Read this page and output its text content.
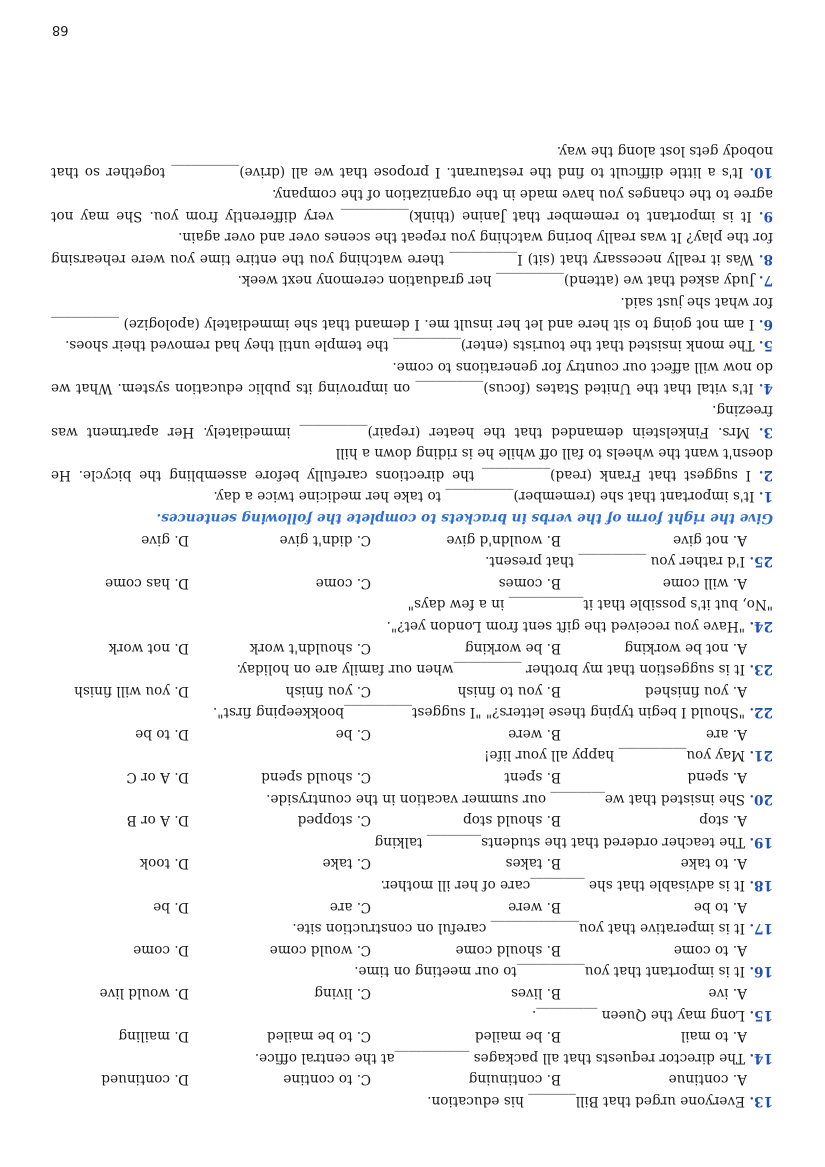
13. Everyone urged that Bill_______ his education.
A. continue
B. continuing
C. to contine
D. continued
14. The director requests that all packages ___________at the central office.
A. to mail
B. be mailed
C. to be mailed
D. mailing
15. Long may the Queen _________.
A. ive
B. lives
C. living
D. would live
16. It is important that you__________to our meeting on time.
A. to come
B. should come
C. would come
D. come
17. It is imperative that you_____________ careful on construction site.
A. to be
B. were
C. are
D. be
18. It is advisable that she ________care of her ill mother.
A. to take
B. takes
C. take
D. took
19. The teacher ordered that the students________ talking
A. stop
B. should stop
C. stopped
D. A or B
20. She insisted that we________ our summer vacation in the countryside.
A. spend
B. spent
C. should spend
D. A or C
21. May you__________ happy all your life!
A. are
B. were
C. be
D. to be
22. "Should I begin typing these letters?" "I suggest__________bookkeeping first".
A. you finished
B. you to finish
C. you finish
D. you will finish
23. It is suggestion that my brother __________when our family are on holiday.
A. not be working
B. be working
C. shouldn't work
D. not work
24. "Have you received the gift sent from London yet?".
"No, but it's possible that it___________ in a few days"
A. will come
B. comes
C. come
D. has come
25. I'd rather you __________ that present.
A. not give
B. wouldn'd give
C. didn't give
D. give
Give the right form of the verbs in brackets to complete the following sentences.
1. It's important that she (remember)__________ to take her medicine twice a day.
2. I suggest that Frank (read)__________ the directions carefully before assembling the bicycle. He doesn't want the wheels to fall off while he is riding down a hill
3. Mrs. Finkelstein demanded that the heater (repair)__________ immediately. Her apartment was freezing.
4. It's vital that the United States (focus)__________ on improving its public education system. What we do now will affect our country for generations to come.
5. The monk insisted that the tourists (enter)__________ the temple until they had removed their shoes.
6. I am not going to sit here and let her insult me. I demand that she immediately (apologize) __________ for what she just said.
7. Judy asked that we (attend)__________ her graduation ceremony next week.
8. Was it really necessary that (sit) I__________ there watching you the entire time you were rehearsing for the play? It was really boring watching you repeat the scenes over and over again.
9. It is important to remember that Janine (think)__________ very differently from you. She may not agree to the changes you have made in the organization of the company.
10. It's a little difficult to find the restaurant. I propose that we all (drive)__________ together so that nobody gets lost along the way.
68
